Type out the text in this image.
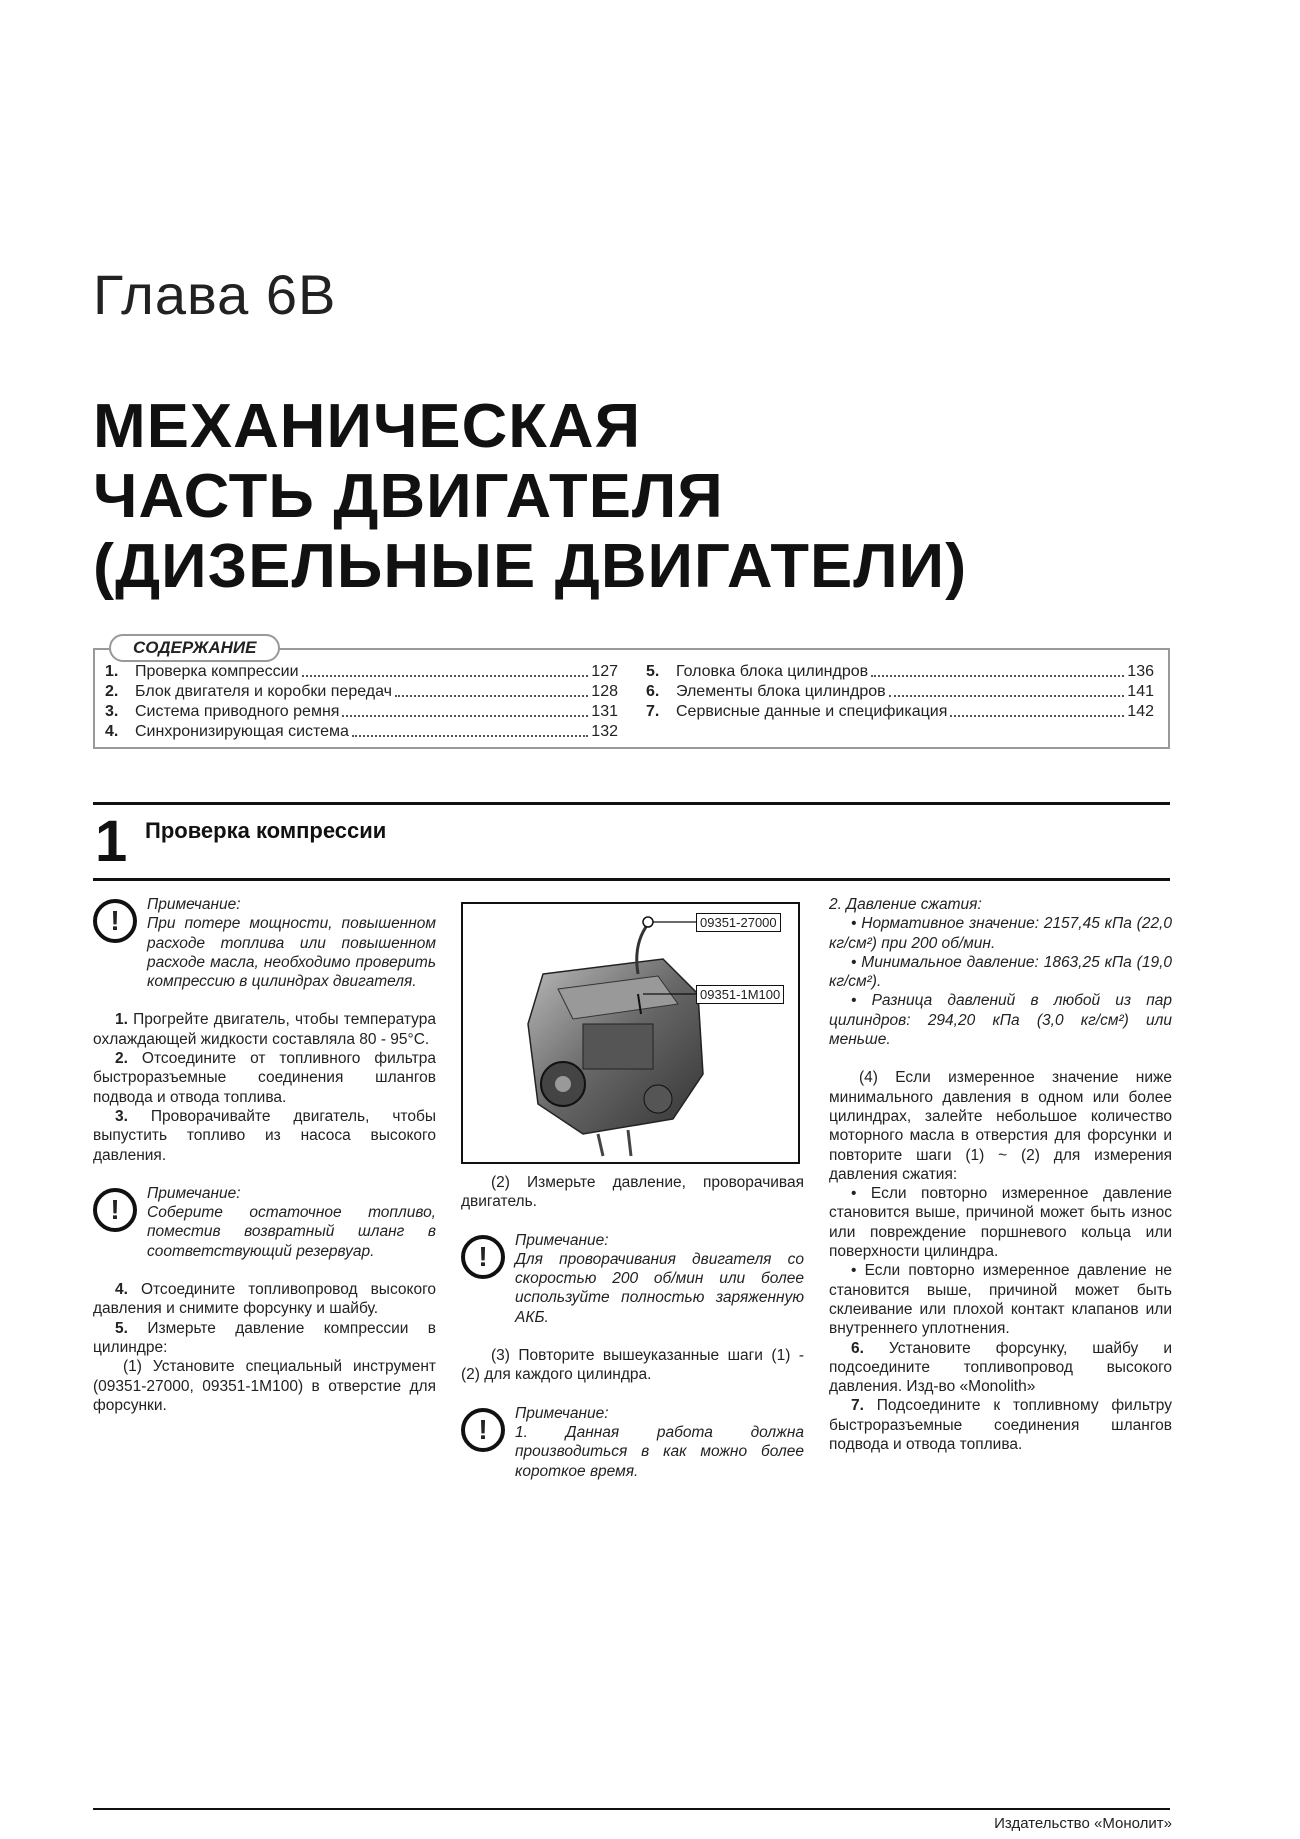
Глава 6В
МЕХАНИЧЕСКАЯ
ЧАСТЬ ДВИГАТЕЛЯ
(ДИЗЕЛЬНЫЕ ДВИГАТЕЛИ)
СОДЕРЖАНИЕ
1.	Проверка компрессии	127
2.	Блок двигателя и коробки передач	128
3.	Система приводного ремня	131
4.	Синхронизирующая система	132
5.	Головка блока цилиндров	136
6.	Элементы блока цилиндров	141
7.	Сервисные данные и спецификация	142
1 Проверка компрессии
!

Примечание:

При потере мощности, повышенном расходе топлива или повышенном расходе масла, необходимо проверить компрессию в цилиндрах двигателя.

1. Прогрейте двигатель, чтобы температура охлаждающей жидкости составляла 80 - 95°C.

2. Отсоедините от топливного фильтра быстроразъемные соединения шлангов подвода и отвода топлива.

3. Проворачивайте двигатель, чтобы выпустить топливо из насоса высокого давления.

!

Примечание:

Соберите остаточное топливо, поместив возвратный шланг в соответствующий резервуар.

4. Отсоедините топливопровод высокого давления и снимите форсунку и шайбу.

5. Измерьте давление компрессии в цилиндре:

(1) Установите специальный инструмент (09351-27000, 09351-1M100) в отверстие для форсунки.

09351-27000
09351-1M100

(2) Измерьте давление, проворачивая двигатель.

!

Примечание:

Для проворачивания двигателя со скоростью 200 об/мин или более используйте полностью заряженную АКБ.

(3) Повторите вышеуказанные шаги (1) - (2) для каждого цилиндра.

!

Примечание:

1. Данная работа должна производиться в как можно более короткое время.

2. Давление сжатия:

• Нормативное значение: 2157,45 кПа (22,0 кг/см²) при 200 об/мин.

• Минимальное давление: 1863,25 кПа (19,0 кг/см²).

• Разница давлений в любой из пар цилиндров: 294,20 кПа (3,0 кг/см²) или меньше.

(4) Если измеренное значение ниже минимального давления в одном или более цилиндрах, залейте небольшое количество моторного масла в отверстия для форсунки и повторите шаги (1) ~ (2) для измерения давления сжатия:

• Если повторно измеренное давление становится выше, причиной может быть износ или повреждение поршневого кольца или поверхности цилиндра.

• Если повторно измеренное давление не становится выше, причиной может быть склеивание или плохой контакт клапанов или внутреннего уплотнения.

6. Установите форсунку, шайбу и подсоедините топливопровод высокого давления. Изд-во «Monolith»

7. Подсоедините к топливному фильтру быстроразъемные соединения шлангов подвода и отвода топлива.

Издательство «Монолит»
